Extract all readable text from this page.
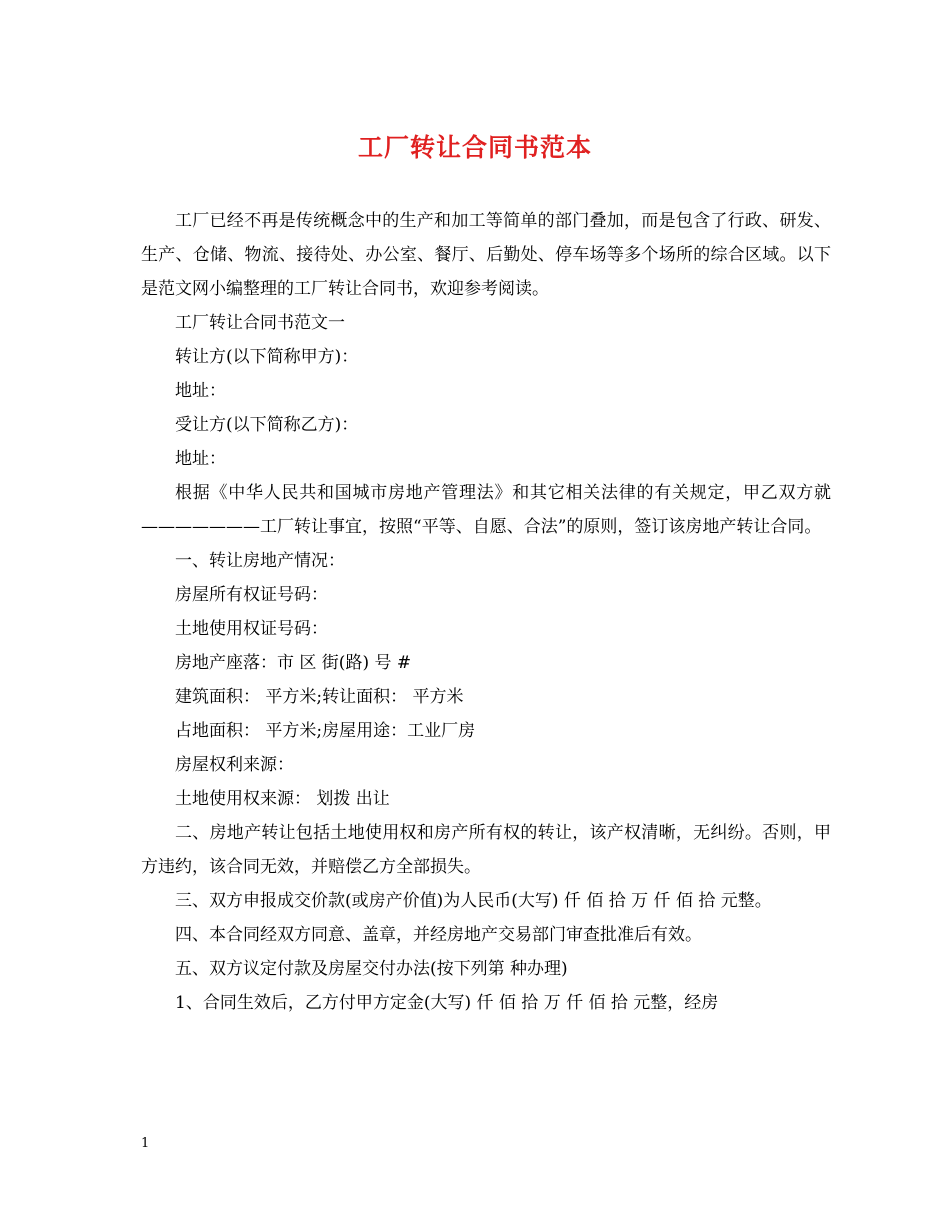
工厂转让合同书范本

工厂已经不再是传统概念中的生产和加工等简单的部门叠加，而是包含了行政、研发、生产、仓储、物流、接待处、办公室、餐厅、后勤处、停车场等多个场所的综合区域。以下是范文网小编整理的工厂转让合同书，欢迎参考阅读。

工厂转让合同书范文一

转让方(以下简称甲方)：

地址：

受让方(以下简称乙方)：

地址：

根据《中华人民共和国城市房地产管理法》和其它相关法律的有关规定，甲乙双方就———————工厂转让事宜，按照“平等、自愿、合法”的原则，签订该房地产转让合同。

一、转让房地产情况：

房屋所有权证号码：

土地使用权证号码：

房地产座落：市 区 街(路) 号 #

建筑面积： 平方米;转让面积： 平方米

占地面积： 平方米;房屋用途：工业厂房

房屋权利来源：

土地使用权来源： 划拨 出让

二、房地产转让包括土地使用权和房产所有权的转让，该产权清晰，无纠纷。否则，甲方违约，该合同无效，并赔偿乙方全部损失。

三、双方申报成交价款(或房产价值)为人民币(大写) 仟 佰 拾 万 仟 佰 拾 元整。

四、本合同经双方同意、盖章，并经房地产交易部门审查批准后有效。

五、双方议定付款及房屋交付办法(按下列第 种办理)

1、合同生效后，乙方付甲方定金(大写) 仟 佰 拾 万 仟 佰 拾 元整，经房

1
